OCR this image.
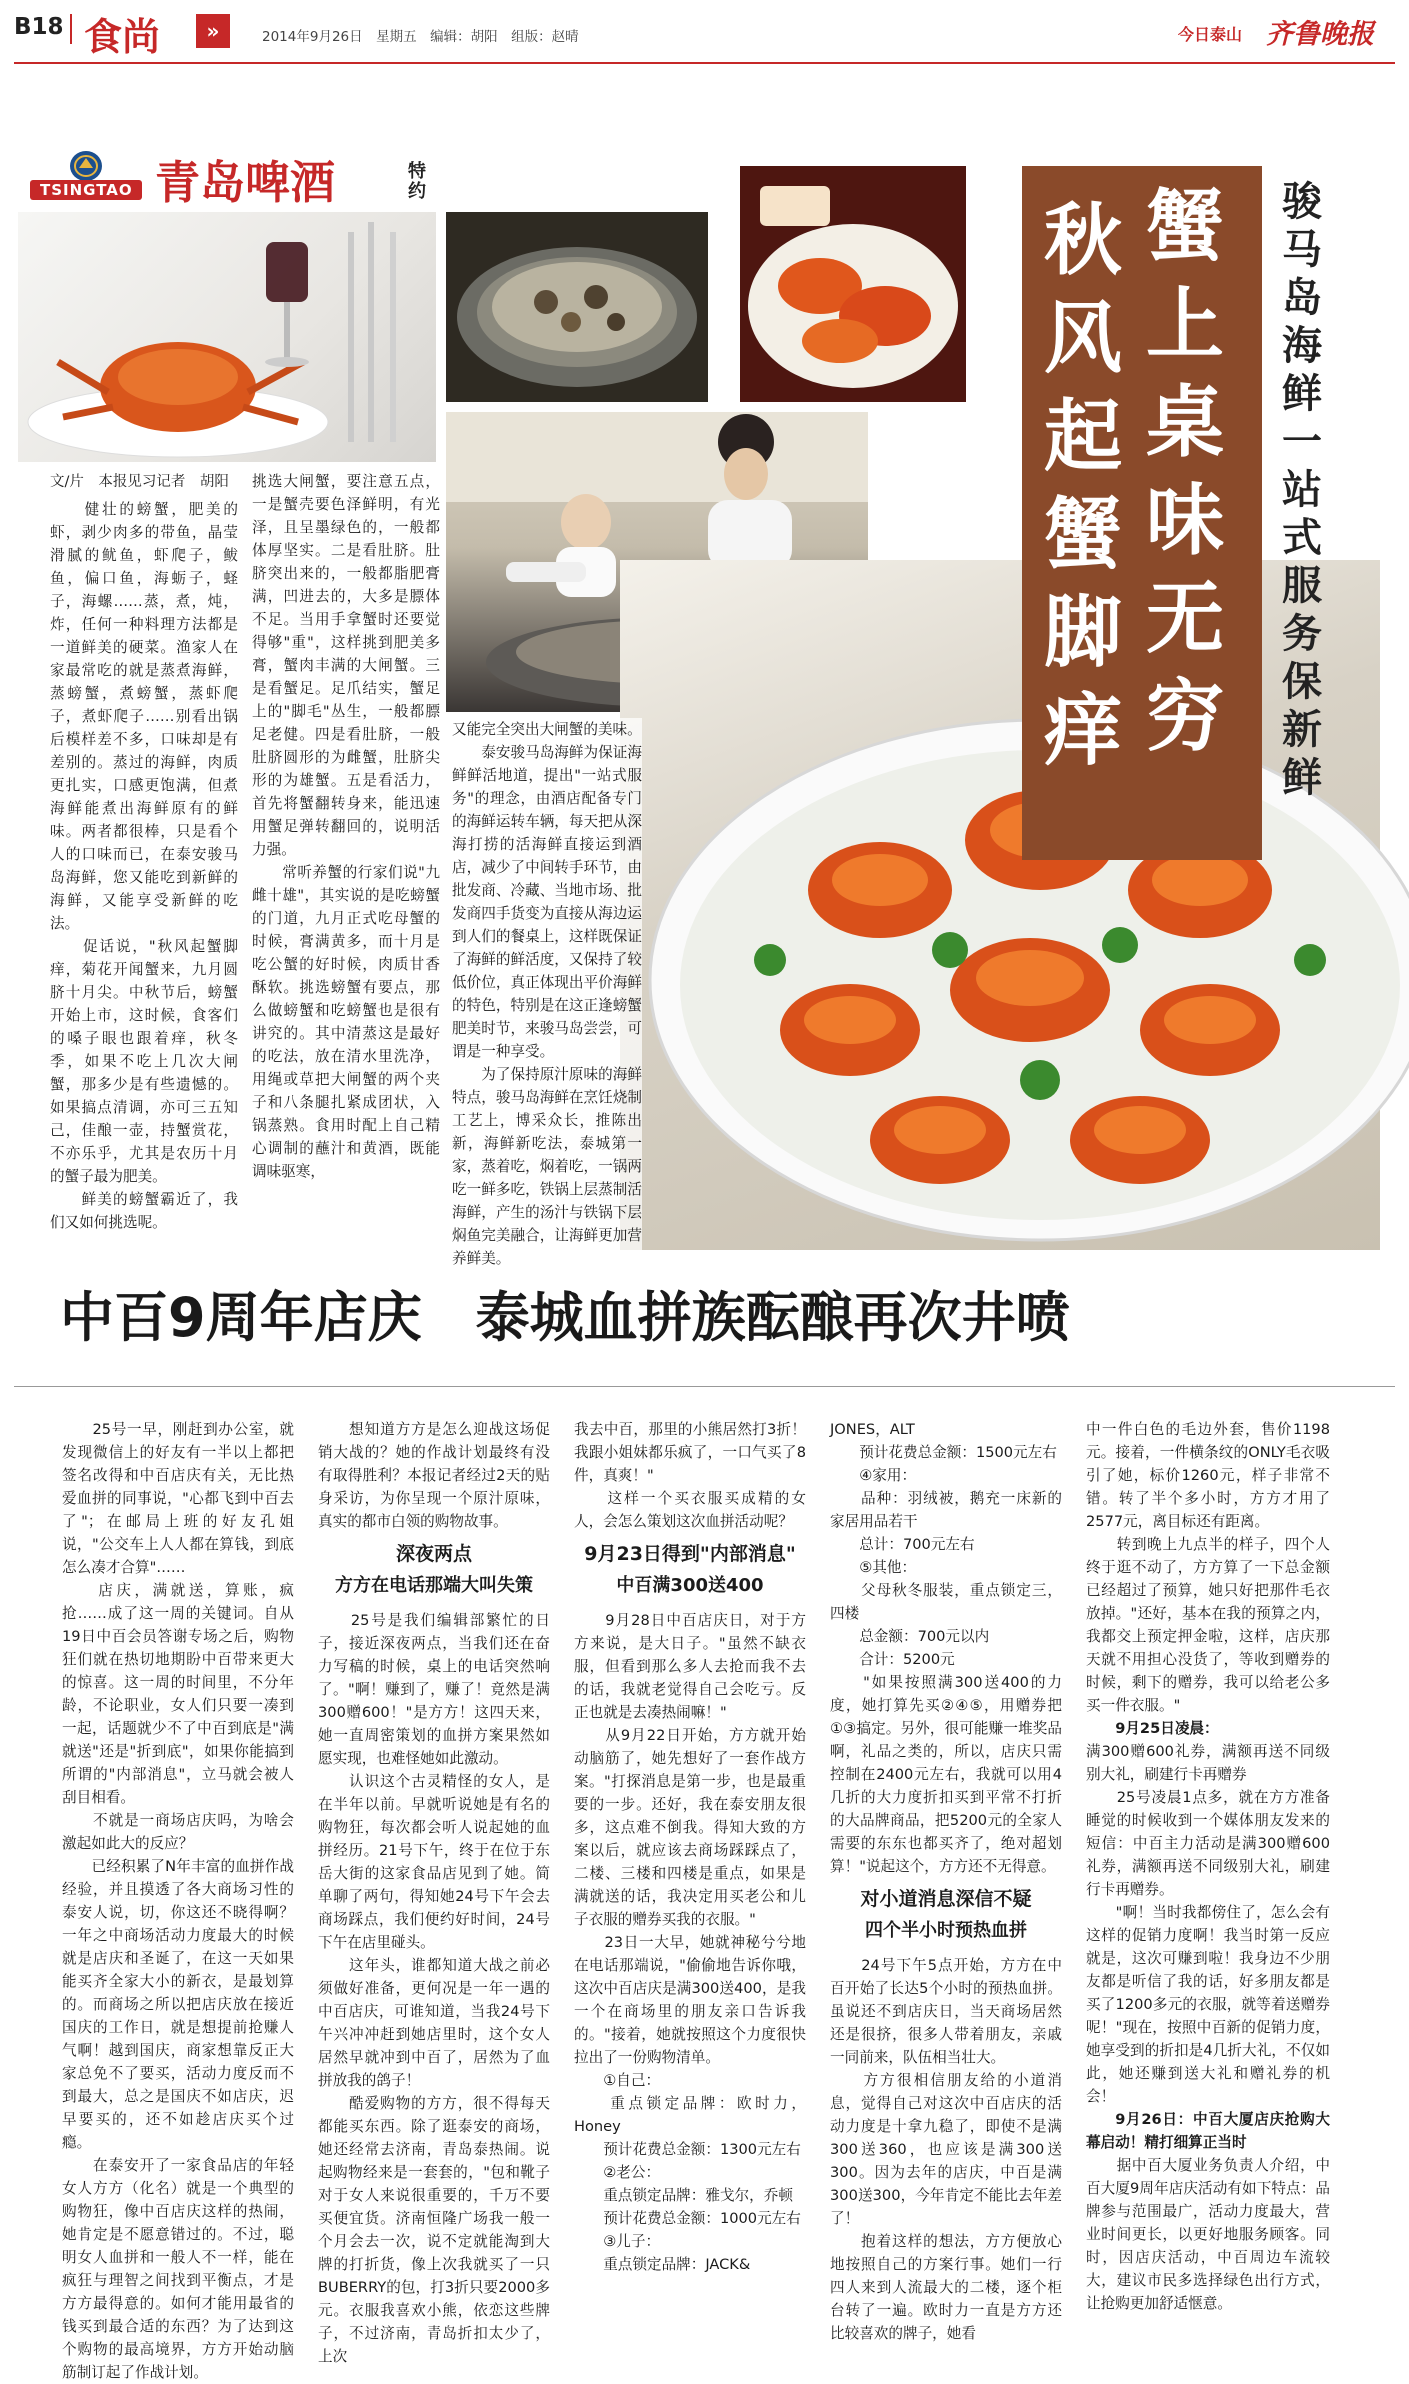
B18 食尚	»	2014年9月26日　星期五　编辑：胡阳　组版：赵晴	今日泰山 齐鲁晚报
TSINGTAO 青岛啤酒	特约	蟹上桌味无穷
秋风起蟹脚痒
骏马岛海鲜一站式服务保新鲜
文/片　本报见习记者　胡阳
　　健壮的螃蟹，肥美的虾，剥少肉多的带鱼，晶莹滑腻的鱿鱼，虾爬子，鲅鱼，偏口鱼，海蛎子，蛏子，海螺……蒸，煮，炖，炸，任何一种料理方法都是一道鲜美的硬菜。渔家人在家最常吃的就是蒸煮海鲜，蒸螃蟹，煮螃蟹，蒸虾爬子，煮虾爬子……别看出锅后模样差不多，口味却是有差别的。蒸过的海鲜，肉质更扎实，口感更饱满，但煮海鲜能煮出海鲜原有的鲜味。两者都很棒，只是看个人的口味而已，在泰安骏马岛海鲜，您又能吃到新鲜的海鲜，又能享受新鲜的吃法。
　　促话说，"秋风起蟹脚痒，菊花开闻蟹来，九月圆脐十月尖。中秋节后，螃蟹开始上市，这时候，食客们的嗓子眼也跟着痒，秋冬季，如果不吃上几次大闸蟹，那多少是有些遗憾的。如果搞点清调，亦可三五知己，佳酿一壶，持蟹赏花，不亦乐乎，尤其是农历十月的蟹子最为肥美。
　　鲜美的螃蟹霸近了，我们又如何挑选呢。
挑选大闸蟹，要注意五点，一是蟹壳要色泽鲜明，有光泽，且呈墨绿色的，一般都体厚坚实。二是看肚脐。肚脐突出来的，一般都脂肥膏满，凹进去的，大多是膘体不足。当用手拿蟹时还要觉得够"重"，这样挑到肥美多膏，蟹肉丰满的大闸蟹。三是看蟹足。足爪结实，蟹足上的"脚毛"丛生，一般都膘足老健。四是看肚脐，一般肚脐圆形的为雌蟹，肚脐尖形的为雄蟹。五是看活力，首先将蟹翻转身来，能迅速用蟹足弹转翻回的，说明活力强。
　　常听养蟹的行家们说"九雌十雄"，其实说的是吃螃蟹的门道，九月正式吃母蟹的时候，膏满黄多，而十月是吃公蟹的好时候，肉质甘香酥软。挑选螃蟹有要点，那么做螃蟹和吃螃蟹也是很有讲究的。其中清蒸这是最好的吃法，放在清水里洗净，用绳或草把大闸蟹的两个夹子和八条腿扎紧成团状，入锅蒸熟。食用时配上自己精心调制的蘸汁和黄酒，既能调味驱寒，
又能完全突出大闸蟹的美味。
　　泰安骏马岛海鲜为保证海鲜鲜活地道，提出"一站式服务"的理念，由酒店配备专门的海鲜运转车辆，每天把从深海打捞的活海鲜直接运到酒店，减少了中间转手环节，由批发商、冷藏、当地市场、批发商四手货变为直接从海边运到人们的餐桌上，这样既保证了海鲜的鲜活度，又保持了较低价位，真正体现出平价海鲜的特色，特别是在这正逢螃蟹肥美时节，来骏马岛尝尝，可谓是一种享受。
　　为了保持原汁原味的海鲜特点，骏马岛海鲜在烹饪烧制工艺上，博采众长，推陈出新，海鲜新吃法，泰城第一家，蒸着吃，焖着吃，一锅两吃一鲜多吃，铁锅上层蒸制活海鲜，产生的汤汁与铁锅下层焖鱼完美融合，让海鲜更加营养鲜美。
中百9周年店庆　泰城血拼族酝酿再次井喷
　　25号一早，刚赶到办公室，就发现微信上的好友有一半以上都把签名改得和中百店庆有关，无比热爱血拼的同事说，"心都飞到中百去了"；在邮局上班的好友孔姐说，"公交车上人人都在算钱，到底怎么凑才合算"……
　　店庆，满就送，算账，疯抢……成了这一周的关键词。自从19日中百会员答谢专场之后，购物狂们就在热切地期盼中百带来更大的惊喜。这一周的时间里，不分年龄，不论职业，女人们只要一凑到一起，话题就少不了中百到底是"满就送"还是"折到底"，如果你能搞到所谓的"内部消息"，立马就会被人刮目相看。
　　不就是一商场店庆吗，为啥会激起如此大的反应？
　　已经积累了N年丰富的血拼作战经验，并且摸透了各大商场习性的泰安人说，切，你这还不晓得啊？一年之中商场活动力度最大的时候就是店庆和圣诞了，在这一天如果能买齐全家大小的新衣，是最划算的。而商场之所以把店庆放在接近国庆的工作日，就是想提前抢赚人气啊！越到国庆，商家想靠反正大家总免不了要买，活动力度反而不到最大，总之是国庆不如店庆，迟早要买的，还不如趁店庆买个过瘾。
　　在泰安开了一家食品店的年轻女人方方（化名）就是一个典型的购物狂，像中百店庆这样的热闹，她肯定是不愿意错过的。不过，聪明女人血拼和一般人不一样，能在疯狂与理智之间找到平衡点，才是方方最得意的。如何才能用最省的钱买到最合适的东西？为了达到这个购物的最高境界，方方开始动脑筋制订起了作战计划。
　　想知道方方是怎么迎战这场促销大战的？她的作战计划最终有没有取得胜利？本报记者经过2天的贴身采访，为你呈现一个原汁原味，真实的都市白领的购物故事。
深夜两点
方方在电话那端大叫失策
　　25号是我们编辑部繁忙的日子，接近深夜两点，当我们还在奋力写稿的时候，桌上的电话突然响了。"啊！赚到了，赚了！竟然是满300赠600！"是方方！这四天来，她一直周密策划的血拼方案果然如愿实现，也难怪她如此激动。
　　认识这个古灵精怪的女人，是在半年以前。早就听说她是有名的购物狂，每次都会听人说起她的血拼经历。21号下午，终于在位于东岳大街的这家食品店见到了她。简单聊了两句，得知她24号下午会去商场踩点，我们便约好时间，24号下午在店里碰头。
　　这年头，谁都知道大战之前必须做好准备，更何况是一年一遇的中百店庆，可谁知道，当我24号下午兴冲冲赶到她店里时，这个女人居然早就冲到中百了，居然为了血拼放我的鸽子！
　　酷爱购物的方方，很不得每天都能买东西。除了逛泰安的商场，她还经常去济南，青岛泰热闹。说起购物经来是一套套的，"包和靴子对于女人来说很重要的，千万不要买便宜货。济南恒隆广场我一般一个月会去一次，说不定就能淘到大牌的打折货，像上次我就买了一只BUBERRY的包，打3折只要2000多元。衣服我喜欢小熊，依恋这些牌子，不过济南，青岛折扣太少了，上次
我去中百，那里的小熊居然打3折！我跟小姐妹都乐疯了，一口气买了8件，真爽！"
　　这样一个买衣服买成精的女人，会怎么策划这次血拼活动呢？
9月23日得到"内部消息"
中百满300送400
　　9月28日中百店庆日，对于方方来说，是大日子。"虽然不缺衣服，但看到那么多人去抢而我不去的话，我就老觉得自己会吃亏。反正也就是去凑热闹嘛！"
　　从9月22日开始，方方就开始动脑筋了，她先想好了一套作战方案。"打探消息是第一步，也是最重要的一步。还好，我在泰安朋友很多，这点难不倒我。得知大致的方案以后，就应该去商场踩踩点了，二楼、三楼和四楼是重点，如果是满就送的话，我决定用买老公和儿子衣服的赠券买我的衣服。"
　　23日一大早，她就神秘兮兮地在电话那端说，"偷偷地告诉你哦，这次中百店庆是满300送400，是我一个在商场里的朋友亲口告诉我的。"接着，她就按照这个力度很快拉出了一份购物清单。
　　①自己：
　　重点锁定品牌：欧时力，Honey
　　预计花费总金额：1300元左右
　　②老公：
　　重点锁定品牌：雅戈尔，乔顿
　　预计花费总金额：1000元左右
　　③儿子：
　　重点锁定品牌：JACK&
JONES，ALT
　　预计花费总金额：1500元左右
　　④家用：
　　品种：羽绒被，鹅充一床新的家居用品若干
　　总计：700元左右
　　⑤其他：
　　父母秋冬服装，重点锁定三，四楼
　　总金额：700元以内
　　合计：5200元
　　"如果按照满300送400的力度，她打算先买②④⑤，用赠券把①③搞定。另外，很可能赚一堆奖品啊，礼品之类的，所以，店庆只需控制在2400元左右，我就可以用4几折的大力度折扣买到平常不打折的大品牌商品，把5200元的全家人需要的东东也都买齐了，绝对超划算！"说起这个，方方还不无得意。
对小道消息深信不疑
四个半小时预热血拼
　　24号下午5点开始，方方在中百开始了长达5个小时的预热血拼。虽说还不到店庆日，当天商场居然还是很挤，很多人带着朋友，亲戚一同前来，队伍相当壮大。
　　方方很相信朋友给的小道消息，觉得自己对这次中百店庆的活动力度是十拿九稳了，即使不是满300送360，也应该是满300送300。因为去年的店庆，中百是满300送300，今年肯定不能比去年差了！
　　抱着这样的想法，方方便放心地按照自己的方案行事。她们一行四人来到人流最大的二楼，逐个柜台转了一遍。欧时力一直是方方还比较喜欢的牌子，她看
中一件白色的毛边外套，售价1198元。接着，一件横条纹的ONLY毛衣吸引了她，标价1260元，样子非常不错。转了半个多小时，方方才用了2577元，离目标还有距离。
　　转到晚上九点半的样子，四个人终于逛不动了，方方算了一下总金额已经超过了预算，她只好把那件毛衣放掉。"还好，基本在我的预算之内，我都交上预定押金啦，这样，店庆那天就不用担心没货了，等收到赠券的时候，剩下的赠券，我可以给老公多买一件衣服。"
9月25日凌晨：
满300赠600礼券，满额再送不同级别大礼，刷建行卡再赠券
　　25号凌晨1点多，就在方方准备睡觉的时候收到一个媒体朋友发来的短信：中百主力活动是满300赠600礼券，满额再送不同级别大礼，刷建行卡再赠券。
　　"啊！当时我都傍住了，怎么会有这样的促销力度啊！我当时第一反应就是，这次可赚到啦！我身边不少朋友都是听信了我的话，好多朋友都是买了1200多元的衣服，就等着送赠券呢！"现在，按照中百新的促销力度，她享受到的折扣是4几折大礼，不仅如此，她还赚到送大礼和赠礼券的机会！
9月26日：中百大厦店庆抢购大幕启动！精打细算正当时
　　据中百大厦业务负责人介绍，中百大厦9周年店庆活动有如下特点：品牌参与范围最广，活动力度最大，营业时间更长，以更好地服务顾客。同时，因店庆活动，中百周边车流较大，建议市民多选择绿色出行方式，让抢购更加舒适惬意。
